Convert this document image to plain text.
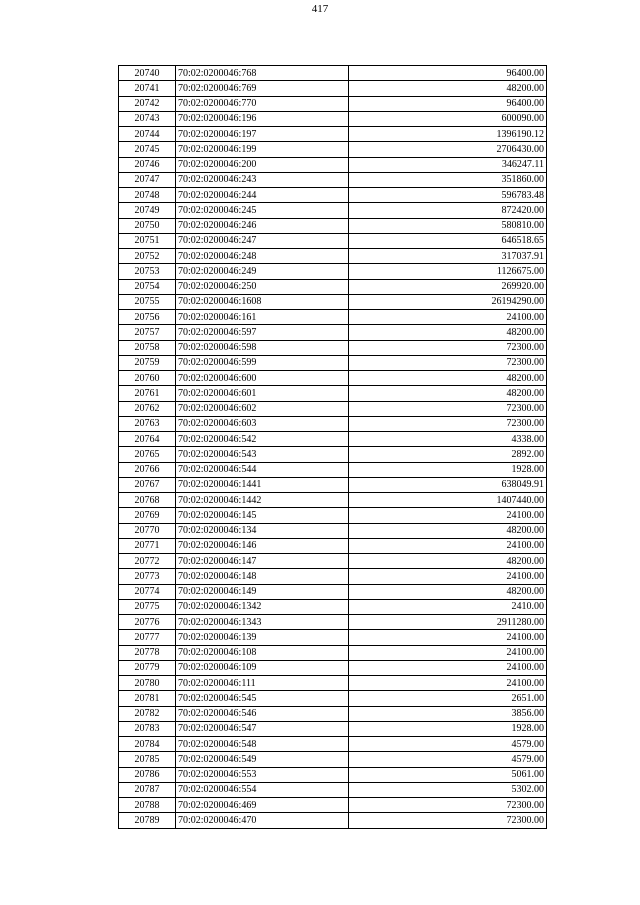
417
20740	70:02:0200046:768	96400.00
20741	70:02:0200046:769	48200.00
20742	70:02:0200046:770	96400.00
20743	70:02:0200046:196	600090.00
20744	70:02:0200046:197	1396190.12
20745	70:02:0200046:199	2706430.00
20746	70:02:0200046:200	346247.11
20747	70:02:0200046:243	351860.00
20748	70:02:0200046:244	596783.48
20749	70:02:0200046:245	872420.00
20750	70:02:0200046:246	580810.00
20751	70:02:0200046:247	646518.65
20752	70:02:0200046:248	317037.91
20753	70:02:0200046:249	1126675.00
20754	70:02:0200046:250	269920.00
20755	70:02:0200046:1608	26194290.00
20756	70:02:0200046:161	24100.00
20757	70:02:0200046:597	48200.00
20758	70:02:0200046:598	72300.00
20759	70:02:0200046:599	72300.00
20760	70:02:0200046:600	48200.00
20761	70:02:0200046:601	48200.00
20762	70:02:0200046:602	72300.00
20763	70:02:0200046:603	72300.00
20764	70:02:0200046:542	4338.00
20765	70:02:0200046:543	2892.00
20766	70:02:0200046:544	1928.00
20767	70:02:0200046:1441	638049.91
20768	70:02:0200046:1442	1407440.00
20769	70:02:0200046:145	24100.00
20770	70:02:0200046:134	48200.00
20771	70:02:0200046:146	24100.00
20772	70:02:0200046:147	48200.00
20773	70:02:0200046:148	24100.00
20774	70:02:0200046:149	48200.00
20775	70:02:0200046:1342	2410.00
20776	70:02:0200046:1343	2911280.00
20777	70:02:0200046:139	24100.00
20778	70:02:0200046:108	24100.00
20779	70:02:0200046:109	24100.00
20780	70:02:0200046:111	24100.00
20781	70:02:0200046:545	2651.00
20782	70:02:0200046:546	3856.00
20783	70:02:0200046:547	1928.00
20784	70:02:0200046:548	4579.00
20785	70:02:0200046:549	4579.00
20786	70:02:0200046:553	5061.00
20787	70:02:0200046:554	5302.00
20788	70:02:0200046:469	72300.00
20789	70:02:0200046:470	72300.00
